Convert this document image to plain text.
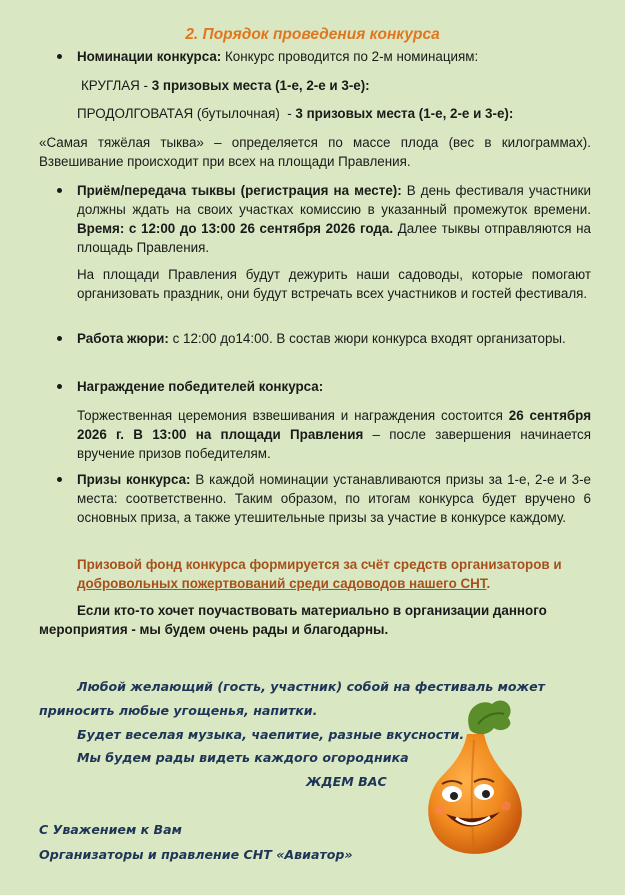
2. Порядок проведения конкурса
Номинации конкурса: Конкурс проводится по 2-м номинациям:
КРУГЛАЯ - 3 призовых места (1-е, 2-е и 3-е):
ПРОДОЛГОВАТАЯ (бутылочная)  - 3 призовых места (1-е, 2-е и 3-е):
«Самая тяжёлая тыква» – определяется по массе плода (вес в килограммах). Взвешивание происходит при всех на площади Правления.
Приём/передача тыквы (регистрация на месте): В день фестиваля участники должны ждать на своих участках комиссию в указанный промежуток времени. Время: с 12:00 до 13:00 26 сентября 2026 года. Далее тыквы отправляются на площадь Правления.
На площади Правления будут дежурить наши садоводы, которые помогают организовать праздник, они будут встречать всех участников и гостей фестиваля.
Работа жюри: с 12:00 до14:00. В состав жюри конкурса входят организаторы.
Награждение победителей конкурса:
Торжественная церемония взвешивания и награждения состоится 26 сентября 2026 г. В 13:00 на площади Правления – после завершения начинается вручение призов победителям.
Призы конкурса: В каждой номинации устанавливаются призы за 1-е, 2-е и 3-е места: соответственно. Таким образом, по итогам конкурса будет вручено 6 основных приза, а также утешительные призы за участие в конкурсе каждому.
Призовой фонд конкурса формируется за счёт средств организаторов и добровольных пожертвований среди садоводов нашего СНТ.
Если кто-то хочет поучаствовать материально в организации данного мероприятия - мы будем очень рады и благодарны.
Любой желающий (гость, участник) собой на фестиваль может
приносить любые угощенья, напитки.
Будет веселая музыка, чаепитие, разные вкусности.
Мы будем рады видеть каждого огородника
ЖДЕМ ВАС
С Уважением к Вам
Организаторы и правление СНТ «Авиатор»
